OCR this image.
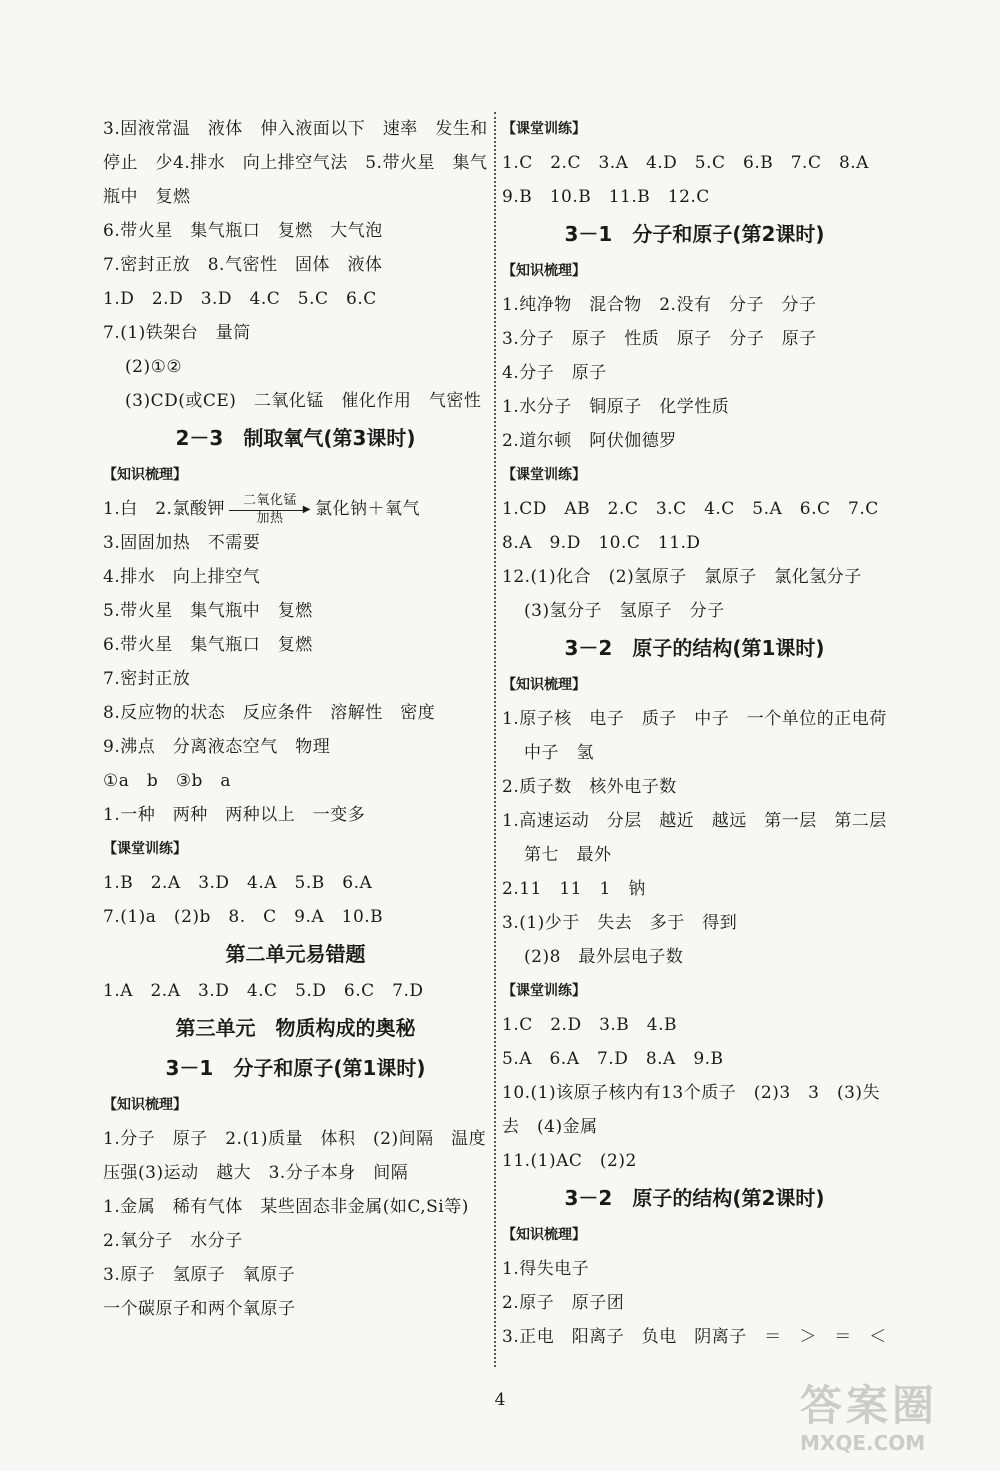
3.固液常温　液体　伸入液面以下　速率　发生和
停止　少4.排水　向上排空气法　5.带火星　集气
瓶中　复燃
6.带火星　集气瓶口　复燃　大气泡
7.密封正放　8.气密性　固体　液体
1.D　2.D　3.D　4.C　5.C　6.C
7.(1)铁架台　量筒
(2)①②
(3)CD(或CE)　二氧化锰　催化作用　气密性
2－3　制取氧气(第3课时)
【知识梳理】
1.白　2.氯酸钾	二氧化锰
▶
加热	氯化钠＋氧气
3.固固加热　不需要
4.排水　向上排空气
5.带火星　集气瓶中　复燃
6.带火星　集气瓶口　复燃
7.密封正放
8.反应物的状态　反应条件　溶解性　密度
9.沸点　分离液态空气　物理
①a　b　③b　a
1.一种　两种　两种以上　一变多
【课堂训练】
1.B　2.A　3.D　4.A　5.B　6.A
7.(1)a　(2)b　8.　C　9.A　10.B
第二单元易错题
1.A　2.A　3.D　4.C　5.D　6.C　7.D
第三单元　物质构成的奥秘
3－1　分子和原子(第1课时)
【知识梳理】
1.分子　原子　2.(1)质量　体积　(2)间隔　温度
压强(3)运动　越大　3.分子本身　间隔
1.金属　稀有气体　某些固态非金属(如C,Si等)
2.氧分子　水分子
3.原子　氢原子　氧原子
一个碳原子和两个氧原子
【课堂训练】
1.C　2.C　3.A　4.D　5.C　6.B　7.C　8.A
9.B　10.B　11.B　12.C
3－1　分子和原子(第2课时)
【知识梳理】
1.纯净物　混合物　2.没有　分子　分子
3.分子　原子　性质　原子　分子　原子
4.分子　原子
1.水分子　铜原子　化学性质
2.道尔顿　阿伏伽德罗
【课堂训练】
1.CD　AB　2.C　3.C　4.C　5.A　6.C　7.C
8.A　9.D　10.C　11.D
12.(1)化合　(2)氢原子　氯原子　氯化氢分子
(3)氢分子　氢原子　分子
3－2　原子的结构(第1课时)
【知识梳理】
1.原子核　电子　质子　中子　一个单位的正电荷
中子　氢
2.质子数　核外电子数
1.高速运动　分层　越近　越远　第一层　第二层
第七　最外
2.11　11　1　钠
3.(1)少于　失去　多于　得到
(2)8　最外层电子数
【课堂训练】
1.C　2.D　3.B　4.B
5.A　6.A　7.D　8.A　9.B
10.(1)该原子核内有13个质子　(2)3　3　(3)失
去　(4)金属
11.(1)AC　(2)2
3－2　原子的结构(第2课时)
【知识梳理】
1.得失电子
2.原子　原子团
3.正电　阳离子　负电　阴离子　＝　＞　＝　＜
4	答案圈
MXQE.COM
